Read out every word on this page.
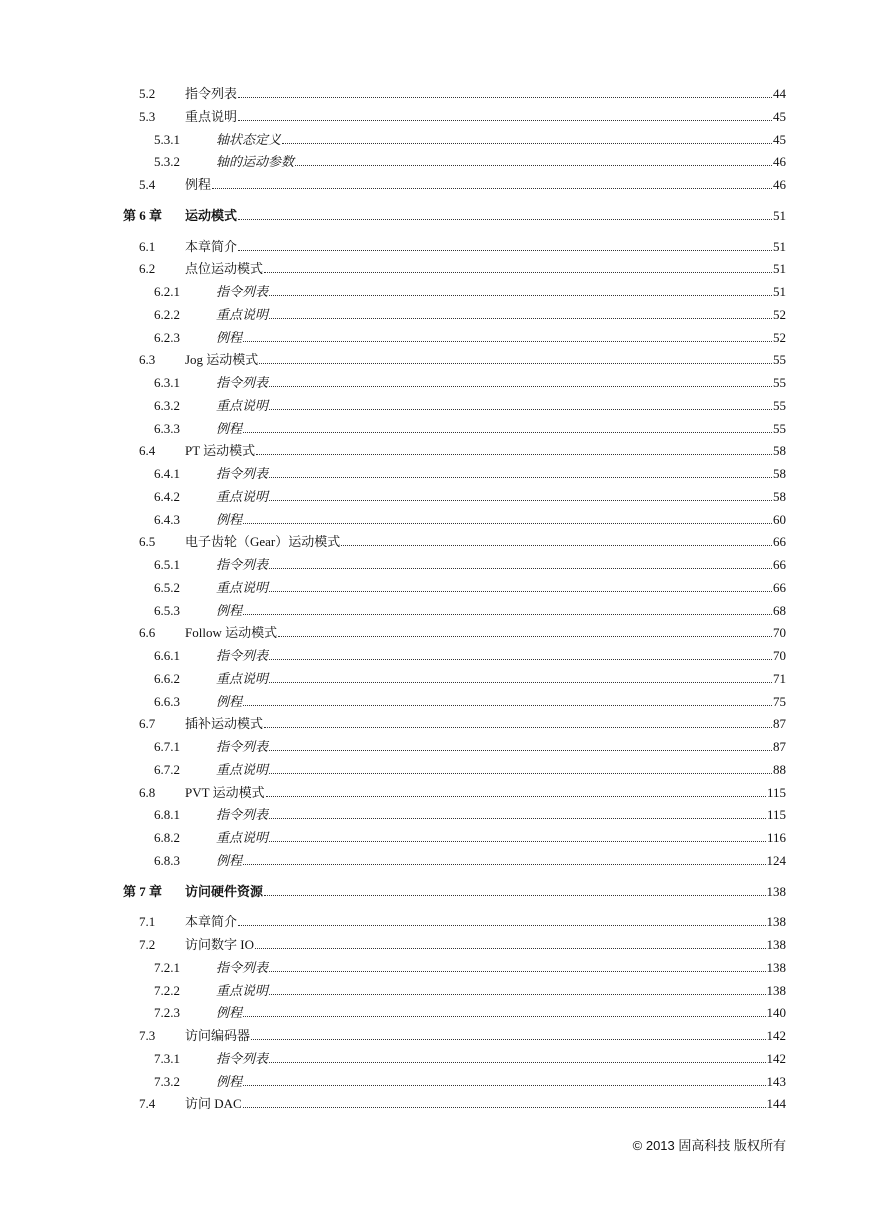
5.2 指令列表	44
5.3 重点说明	45
5.3.1	轴状态定义	45
5.3.2	轴的运动参数	46
5.4 例程	46
第 6 章 运动模式	51
6.1 本章简介	51
6.2 点位运动模式	51
6.2.1	指令列表	51
6.2.2	重点说明	52
6.2.3	例程	52
6.3 Jog 运动模式	55
6.3.1	指令列表	55
6.3.2	重点说明	55
6.3.3	例程	55
6.4 PT 运动模式	58
6.4.1	指令列表	58
6.4.2	重点说明	58
6.4.3	例程	60
6.5 电子齿轮（Gear）运动模式	66
6.5.1	指令列表	66
6.5.2	重点说明	66
6.5.3	例程	68
6.6 Follow 运动模式	70
6.6.1	指令列表	70
6.6.2	重点说明	71
6.6.3	例程	75
6.7 插补运动模式	87
6.7.1	指令列表	87
6.7.2	重点说明	88
6.8 PVT 运动模式	115
6.8.1	指令列表	115
6.8.2	重点说明	116
6.8.3	例程	124
第 7 章 访问硬件资源	138
7.1 本章简介	138
7.2 访问数字 IO	138
7.2.1	指令列表	138
7.2.2	重点说明	138
7.2.3	例程	140
7.3 访问编码器	142
7.3.1	指令列表	142
7.3.2	例程	143
7.4 访问 DAC	144
© 2013 固高科技 版权所有
